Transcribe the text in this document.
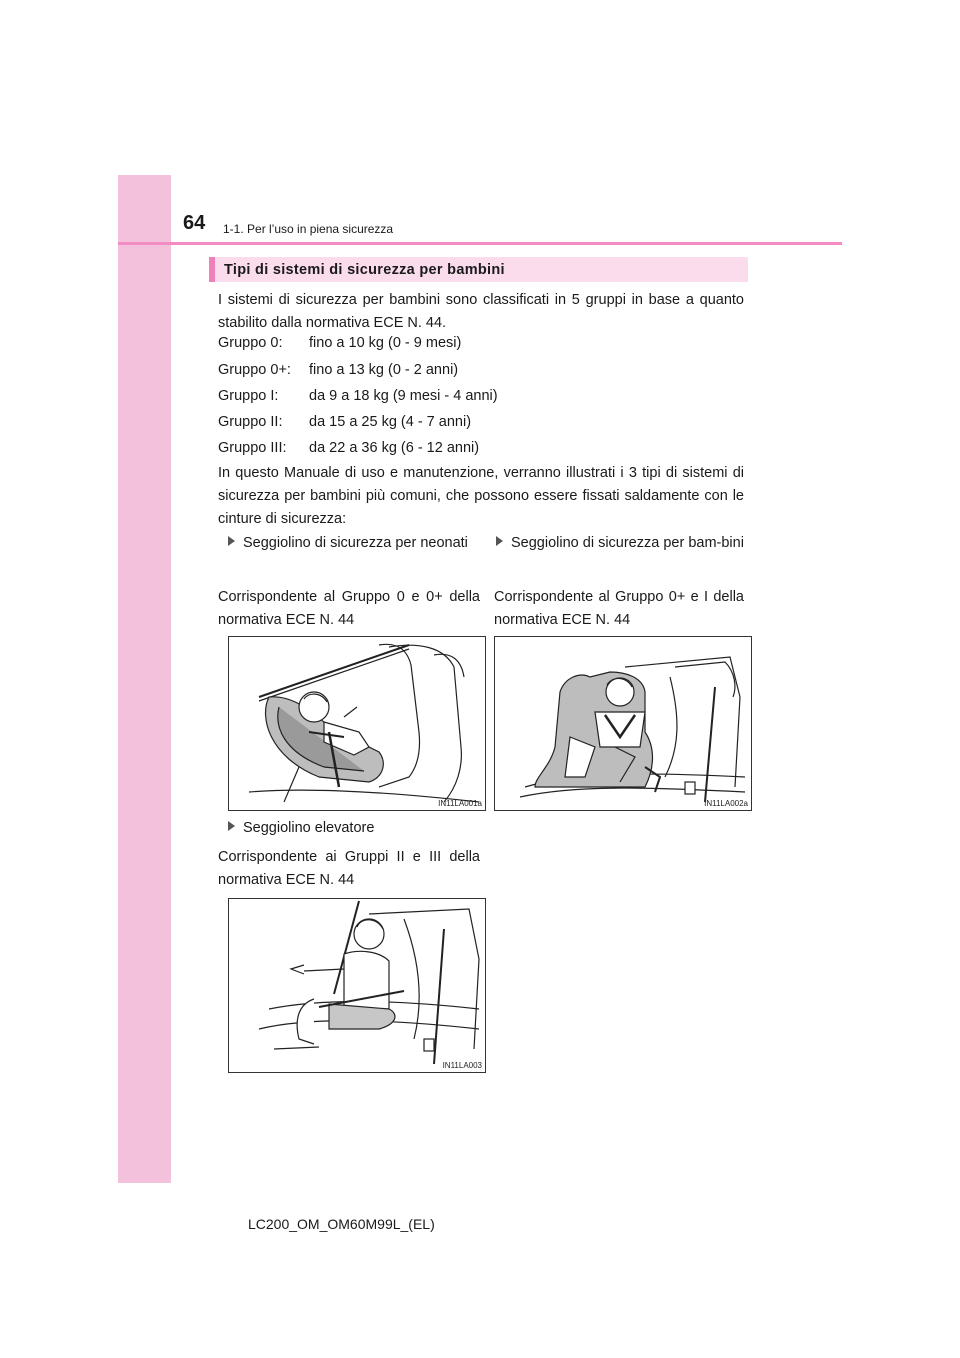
64 1-1. Per l’uso in piena sicurezza
Tipi di sistemi di sicurezza per bambini
I sistemi di sicurezza per bambini sono classificati in 5 gruppi in base a quanto stabilito dalla normativa ECE N. 44.
Gruppo 0:	fino a 10 kg (0 - 9 mesi)
Gruppo 0+:	fino a 13 kg (0 - 2 anni)
Gruppo I:	da 9 a 18 kg (9 mesi - 4 anni)
Gruppo II:	da 15 a 25 kg (4 - 7 anni)
Gruppo III:	da 22 a 36 kg (6 - 12 anni)
In questo Manuale di uso e manutenzione, verranno illustrati i 3 tipi di sistemi di sicurezza per bambini più comuni, che possono essere fissati saldamente con le cinture di sicurezza:
Seggiolino di sicurezza per neonati
Corrispondente al Gruppo 0 e 0+ della normativa ECE N. 44
Seggiolino di sicurezza per bam-bini
Corrispondente al Gruppo 0+ e I della normativa ECE N. 44
IN11LA001a	IN11LA002a
Seggiolino elevatore
Corrispondente ai Gruppi II e III della normativa ECE N. 44
IN11LA003
LC200_OM_OM60M99L_(EL)
